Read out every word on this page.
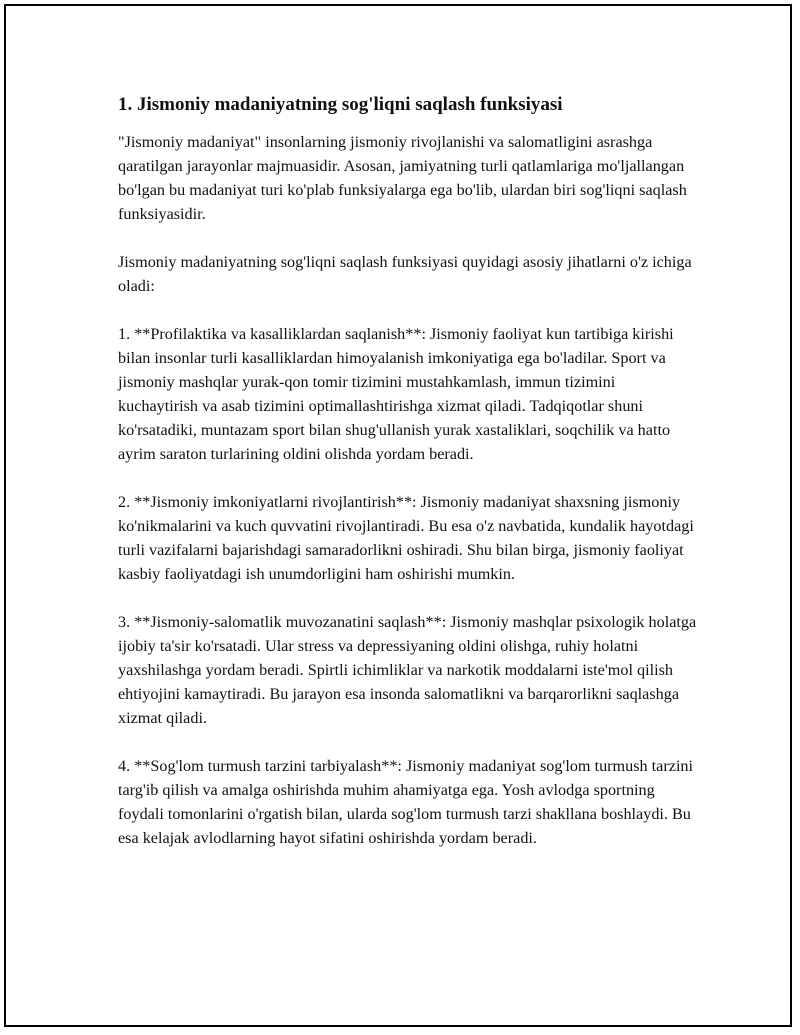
1. Jismoniy madaniyatning sog'liqni saqlash funksiyasi

"Jismoniy madaniyat" insonlarning jismoniy rivojlanishi va salomatligini asrashga qaratilgan jarayonlar majmuasidir. Asosan, jamiyatning turli qatlamlariga mo'ljallangan bo'lgan bu madaniyat turi ko'plab funksiyalarga ega bo'lib, ulardan biri sog'liqni saqlash funksiyasidir.

Jismoniy madaniyatning sog'liqni saqlash funksiyasi quyidagi asosiy jihatlarni o'z ichiga oladi:

1. **Profilaktika va kasalliklardan saqlanish**: Jismoniy faoliyat kun tartibiga kirishi bilan insonlar turli kasalliklardan himoyalanish imkoniyatiga ega bo'ladilar. Sport va jismoniy mashqlar yurak-qon tomir tizimini mustahkamlash, immun tizimini kuchaytirish va asab tizimini optimallashtirishga xizmat qiladi. Tadqiqotlar shuni ko'rsatadiki, muntazam sport bilan shug'ullanish yurak xastaliklari, soqchilik va hatto ayrim saraton turlarining oldini olishda yordam beradi.

2. **Jismoniy imkoniyatlarni rivojlantirish**: Jismoniy madaniyat shaxsning jismoniy ko'nikmalarini va kuch quvvatini rivojlantiradi. Bu esa o'z navbatida, kundalik hayotdagi turli vazifalarni bajarishdagi samaradorlikni oshiradi. Shu bilan birga, jismoniy faoliyat kasbiy faoliyatdagi ish unumdorligini ham oshirishi mumkin.

3. **Jismoniy-salomatlik muvozanatini saqlash**: Jismoniy mashqlar psixologik holatga ijobiy ta'sir ko'rsatadi. Ular stress va depressiyaning oldini olishga, ruhiy holatni yaxshilashga yordam beradi. Spirtli ichimliklar va narkotik moddalarni iste'mol qilish ehtiyojini kamaytiradi. Bu jarayon esa insonda salomatlikni va barqarorlikni saqlashga xizmat qiladi.

4. **Sog'lom turmush tarzini tarbiyalash**: Jismoniy madaniyat sog'lom turmush tarzini targ'ib qilish va amalga oshirishda muhim ahamiyatga ega. Yosh avlodga sportning foydali tomonlarini o'rgatish bilan, ularda sog'lom turmush tarzi shakllana boshlaydi. Bu esa kelajak avlodlarning hayot sifatini oshirishda yordam beradi.
